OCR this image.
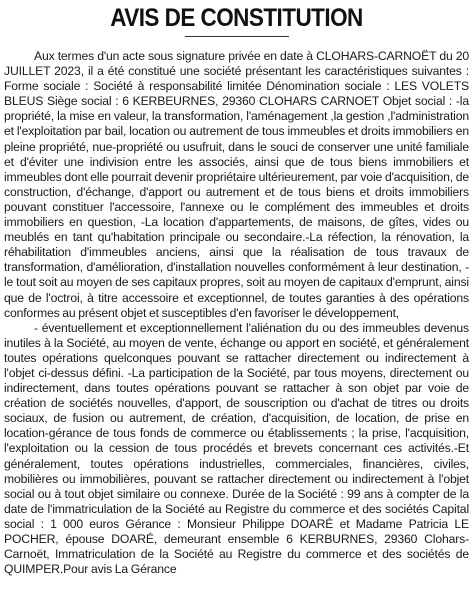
AVIS DE CONSTITUTION

Aux termes d'un acte sous signature privée en date à CLOHARS-CARNOËT du 20 JUILLET 2023, il a été constitué une société présentant les caractéristiques suivantes : Forme sociale : Société à responsabilité limitée Dénomination sociale : LES VOLETS BLEUS Siège social : 6 KERBEURNES, 29360 CLOHARS CARNOET Objet social : -la propriété, la mise en valeur, la transformation, l'aménagement ,la gestion ,l'administration et l'exploitation par bail, location ou autrement de tous immeubles et droits immobiliers en pleine propriété, nue-propriété ou usufruit, dans le souci de conserver une unité familiale et d'éviter une indivision entre les associés, ainsi que de tous biens immobiliers et immeubles dont elle pourrait devenir propriétaire ultérieurement, par voie d'acquisition, de construction, d'échange, d'apport ou autrement et de tous biens et droits immobiliers pouvant constituer l'accessoire, l'annexe ou le complément des immeubles et droits immobiliers en question, -La location d'appartements, de maisons, de gîtes, vides ou meublés en tant qu'habitation principale ou secondaire.-La réfection, la rénovation, la réhabilitation d'immeubles anciens, ainsi que la réalisation de tous travaux de transformation, d'amélioration, d'installation nouvelles conformément à leur destination, -le tout soit au moyen de ses capitaux propres, soit au moyen de capitaux d'emprunt, ainsi que de l'octroi, à titre accessoire et exceptionnel, de toutes garanties à des opérations conformes au présent objet et susceptibles d'en favoriser le développement,

- éventuellement et exceptionnellement l'aliénation du ou des immeubles devenus inutiles à la Société, au moyen de vente, échange ou apport en société, et généralement toutes opérations quelconques pouvant se rattacher directement ou indirectement à l'objet ci-dessus défini. -La participation de la Société, par tous moyens, directement ou indirectement, dans toutes opérations pouvant se rattacher à son objet par voie de création de sociétés nouvelles, d'apport, de souscription ou d'achat de titres ou droits sociaux, de fusion ou autrement, de création, d'acquisition, de location, de prise en location-gérance de tous fonds de commerce ou établissements ; la prise, l'acquisition, l'exploitation ou la cession de tous procédés et brevets concernant ces activités.-Et généralement, toutes opérations industrielles, commerciales, financières, civiles, mobilières ou immobilières, pouvant se rattacher directement ou indirectement à l'objet social ou à tout objet similaire ou connexe. Durée de la Société : 99 ans à compter de la date de l'immatriculation de la Société au Registre du commerce et des sociétés Capital social : 1 000 euros Gérance : Monsieur Philippe DOARÉ et Madame Patricia LE POCHER, épouse DOARÉ, demeurant ensemble 6 KERBURNES, 29360 Clohars-Carnoët, Immatriculation de la Société au Registre du commerce et des sociétés de QUIMPER.Pour avis La Gérance
